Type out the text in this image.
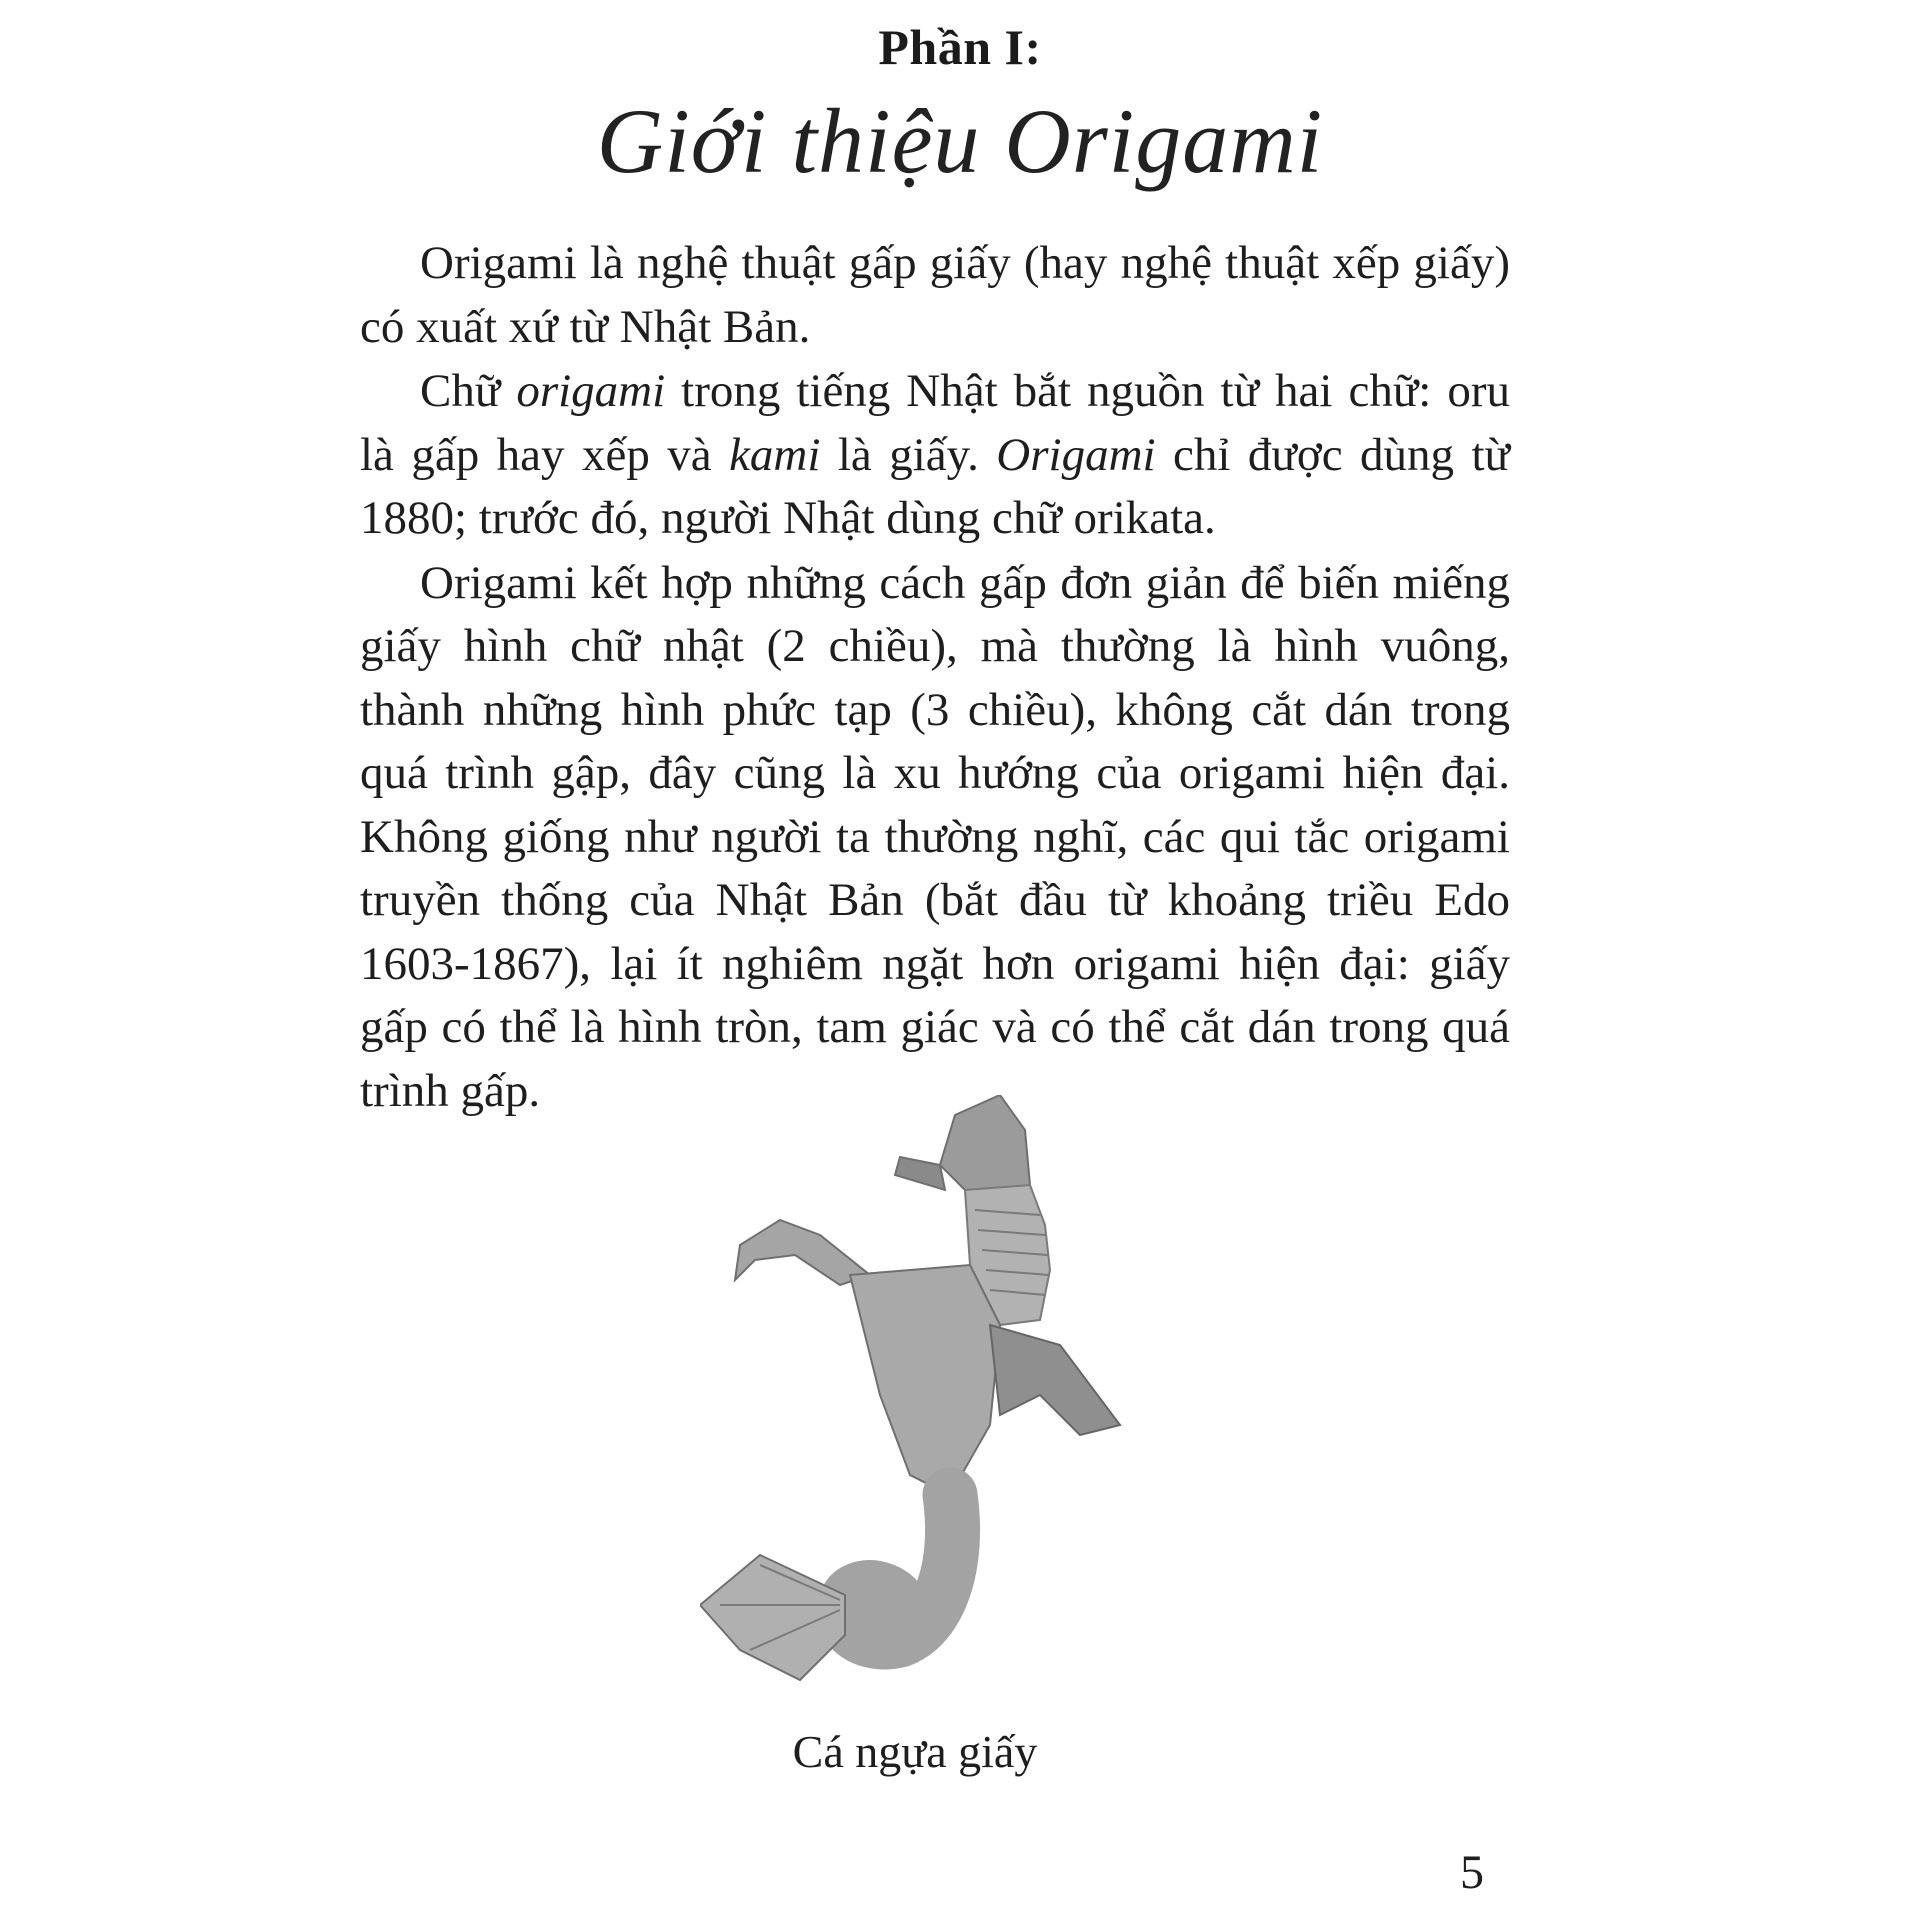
Phần I:
Giới thiệu Origami

Origami là nghệ thuật gấp giấy (hay nghệ thuật xếp giấy) có xuất xứ từ Nhật Bản.

Chữ origami trong tiếng Nhật bắt nguồn từ hai chữ: oru là gấp hay xếp và kami là giấy. Origami chỉ được dùng từ 1880; trước đó, người Nhật dùng chữ orikata.

Origami kết hợp những cách gấp đơn giản để biến miếng giấy hình chữ nhật (2 chiều), mà thường là hình vuông, thành những hình phức tạp (3 chiều), không cắt dán trong quá trình gập, đây cũng là xu hướng của origami hiện đại. Không giống như người ta thường nghĩ, các qui tắc origami truyền thống của Nhật Bản (bắt đầu từ khoảng triều Edo 1603-1867), lại ít nghiêm ngặt hơn origami hiện đại: giấy gấp có thể là hình tròn, tam giác và có thể cắt dán trong quá trình gấp.

Cá ngựa giấy
5
